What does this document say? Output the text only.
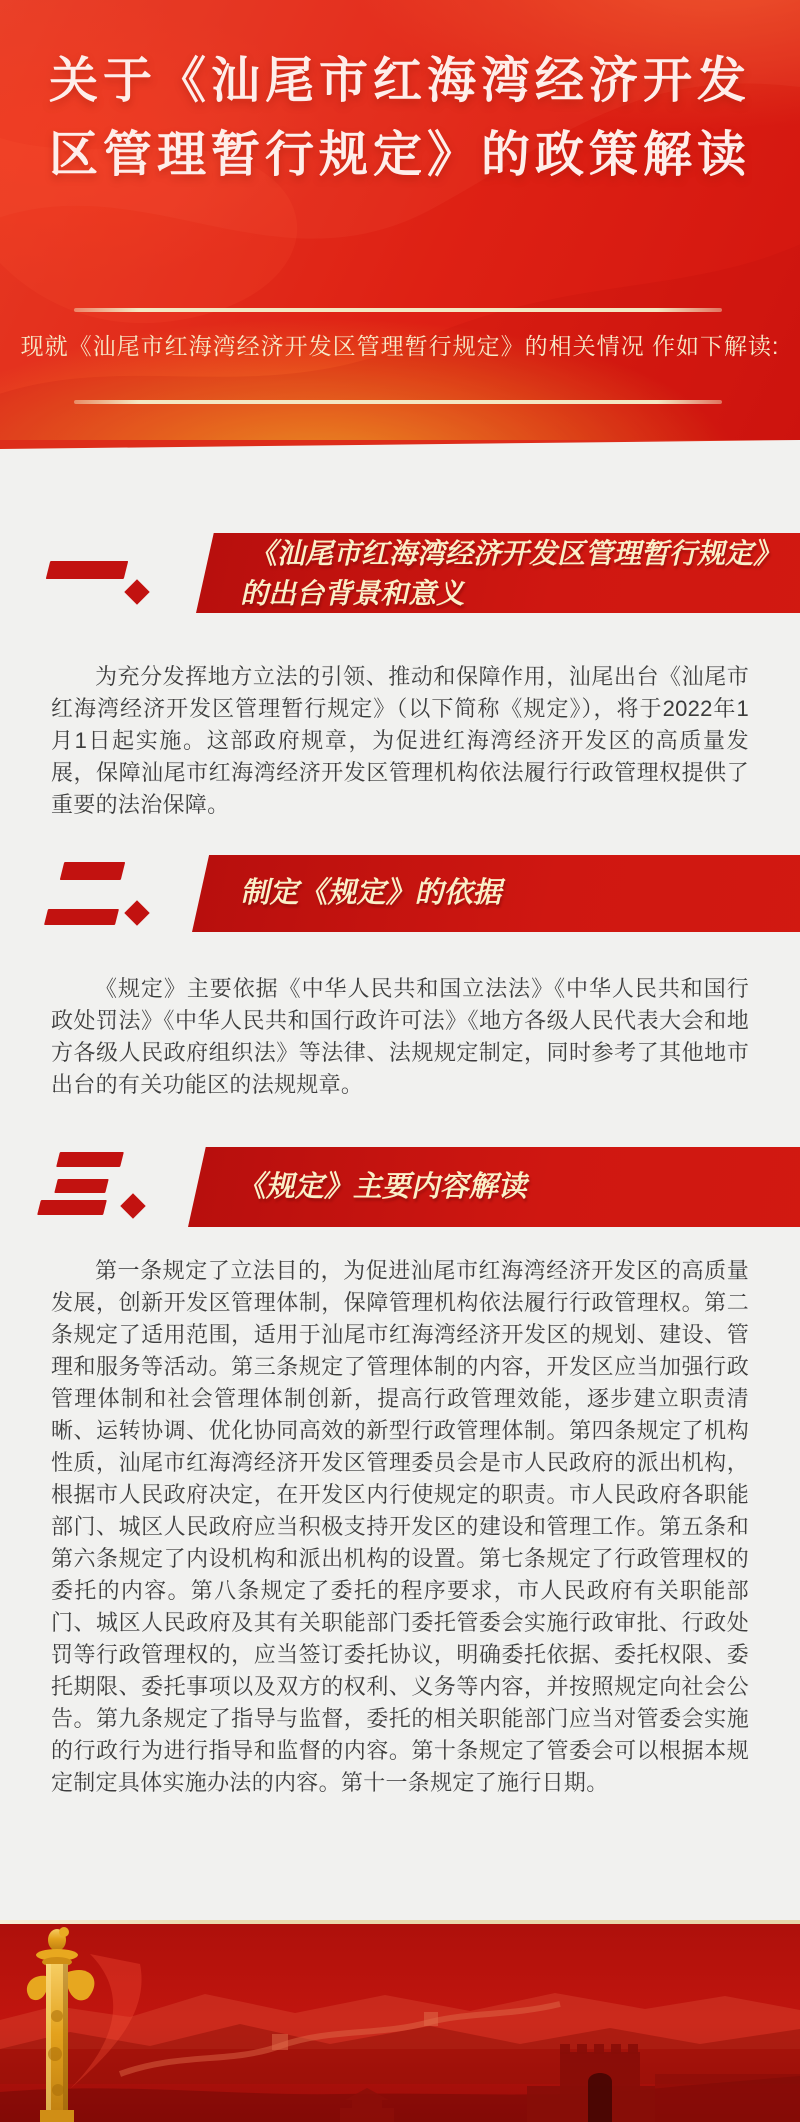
关于《汕尾市红海湾经济开发
区管理暂行规定》的政策解读
现就《汕尾市红海湾经济开发区管理暂行规定》的相关情况 作如下解读:
《汕尾市红海湾经济开发区管理暂行规定》
的出台背景和意义
为充分发挥地方立法的引领、推动和保障作用，汕尾出台《汕尾市红海湾经济开发区管理暂行规定》（以下简称《规定》），将于2022年1月1日起实施。这部政府规章，为促进红海湾经济开发区的高质量发展，保障汕尾市红海湾经济开发区管理机构依法履行行政管理权提供了重要的法治保障。
制定《规定》的依据
《规定》主要依据《中华人民共和国立法法》《中华人民共和国行政处罚法》《中华人民共和国行政许可法》《地方各级人民代表大会和地方各级人民政府组织法》等法律、法规规定制定，同时参考了其他地市出台的有关功能区的法规规章。
《规定》主要内容解读
第一条规定了立法目的，为促进汕尾市红海湾经济开发区的高质量发展，创新开发区管理体制，保障管理机构依法履行行政管理权。第二条规定了适用范围，适用于汕尾市红海湾经济开发区的规划、建设、管理和服务等活动。第三条规定了管理体制的内容，开发区应当加强行政管理体制和社会管理体制创新，提高行政管理效能，逐步建立职责清晰、运转协调、优化协同高效的新型行政管理体制。第四条规定了机构性质，汕尾市红海湾经济开发区管理委员会是市人民政府的派出机构，根据市人民政府决定，在开发区内行使规定的职责。市人民政府各职能部门、城区人民政府应当积极支持开发区的建设和管理工作。第五条和第六条规定了内设机构和派出机构的设置。第七条规定了行政管理权的委托的内容。第八条规定了委托的程序要求，市人民政府有关职能部门、城区人民政府及其有关职能部门委托管委会实施行政审批、行政处罚等行政管理权的，应当签订委托协议，明确委托依据、委托权限、委托期限、委托事项以及双方的权利、义务等内容，并按照规定向社会公告。第九条规定了指导与监督，委托的相关职能部门应当对管委会实施的行政行为进行指导和监督的内容。第十条规定了管委会可以根据本规定制定具体实施办法的内容。第十一条规定了施行日期。
